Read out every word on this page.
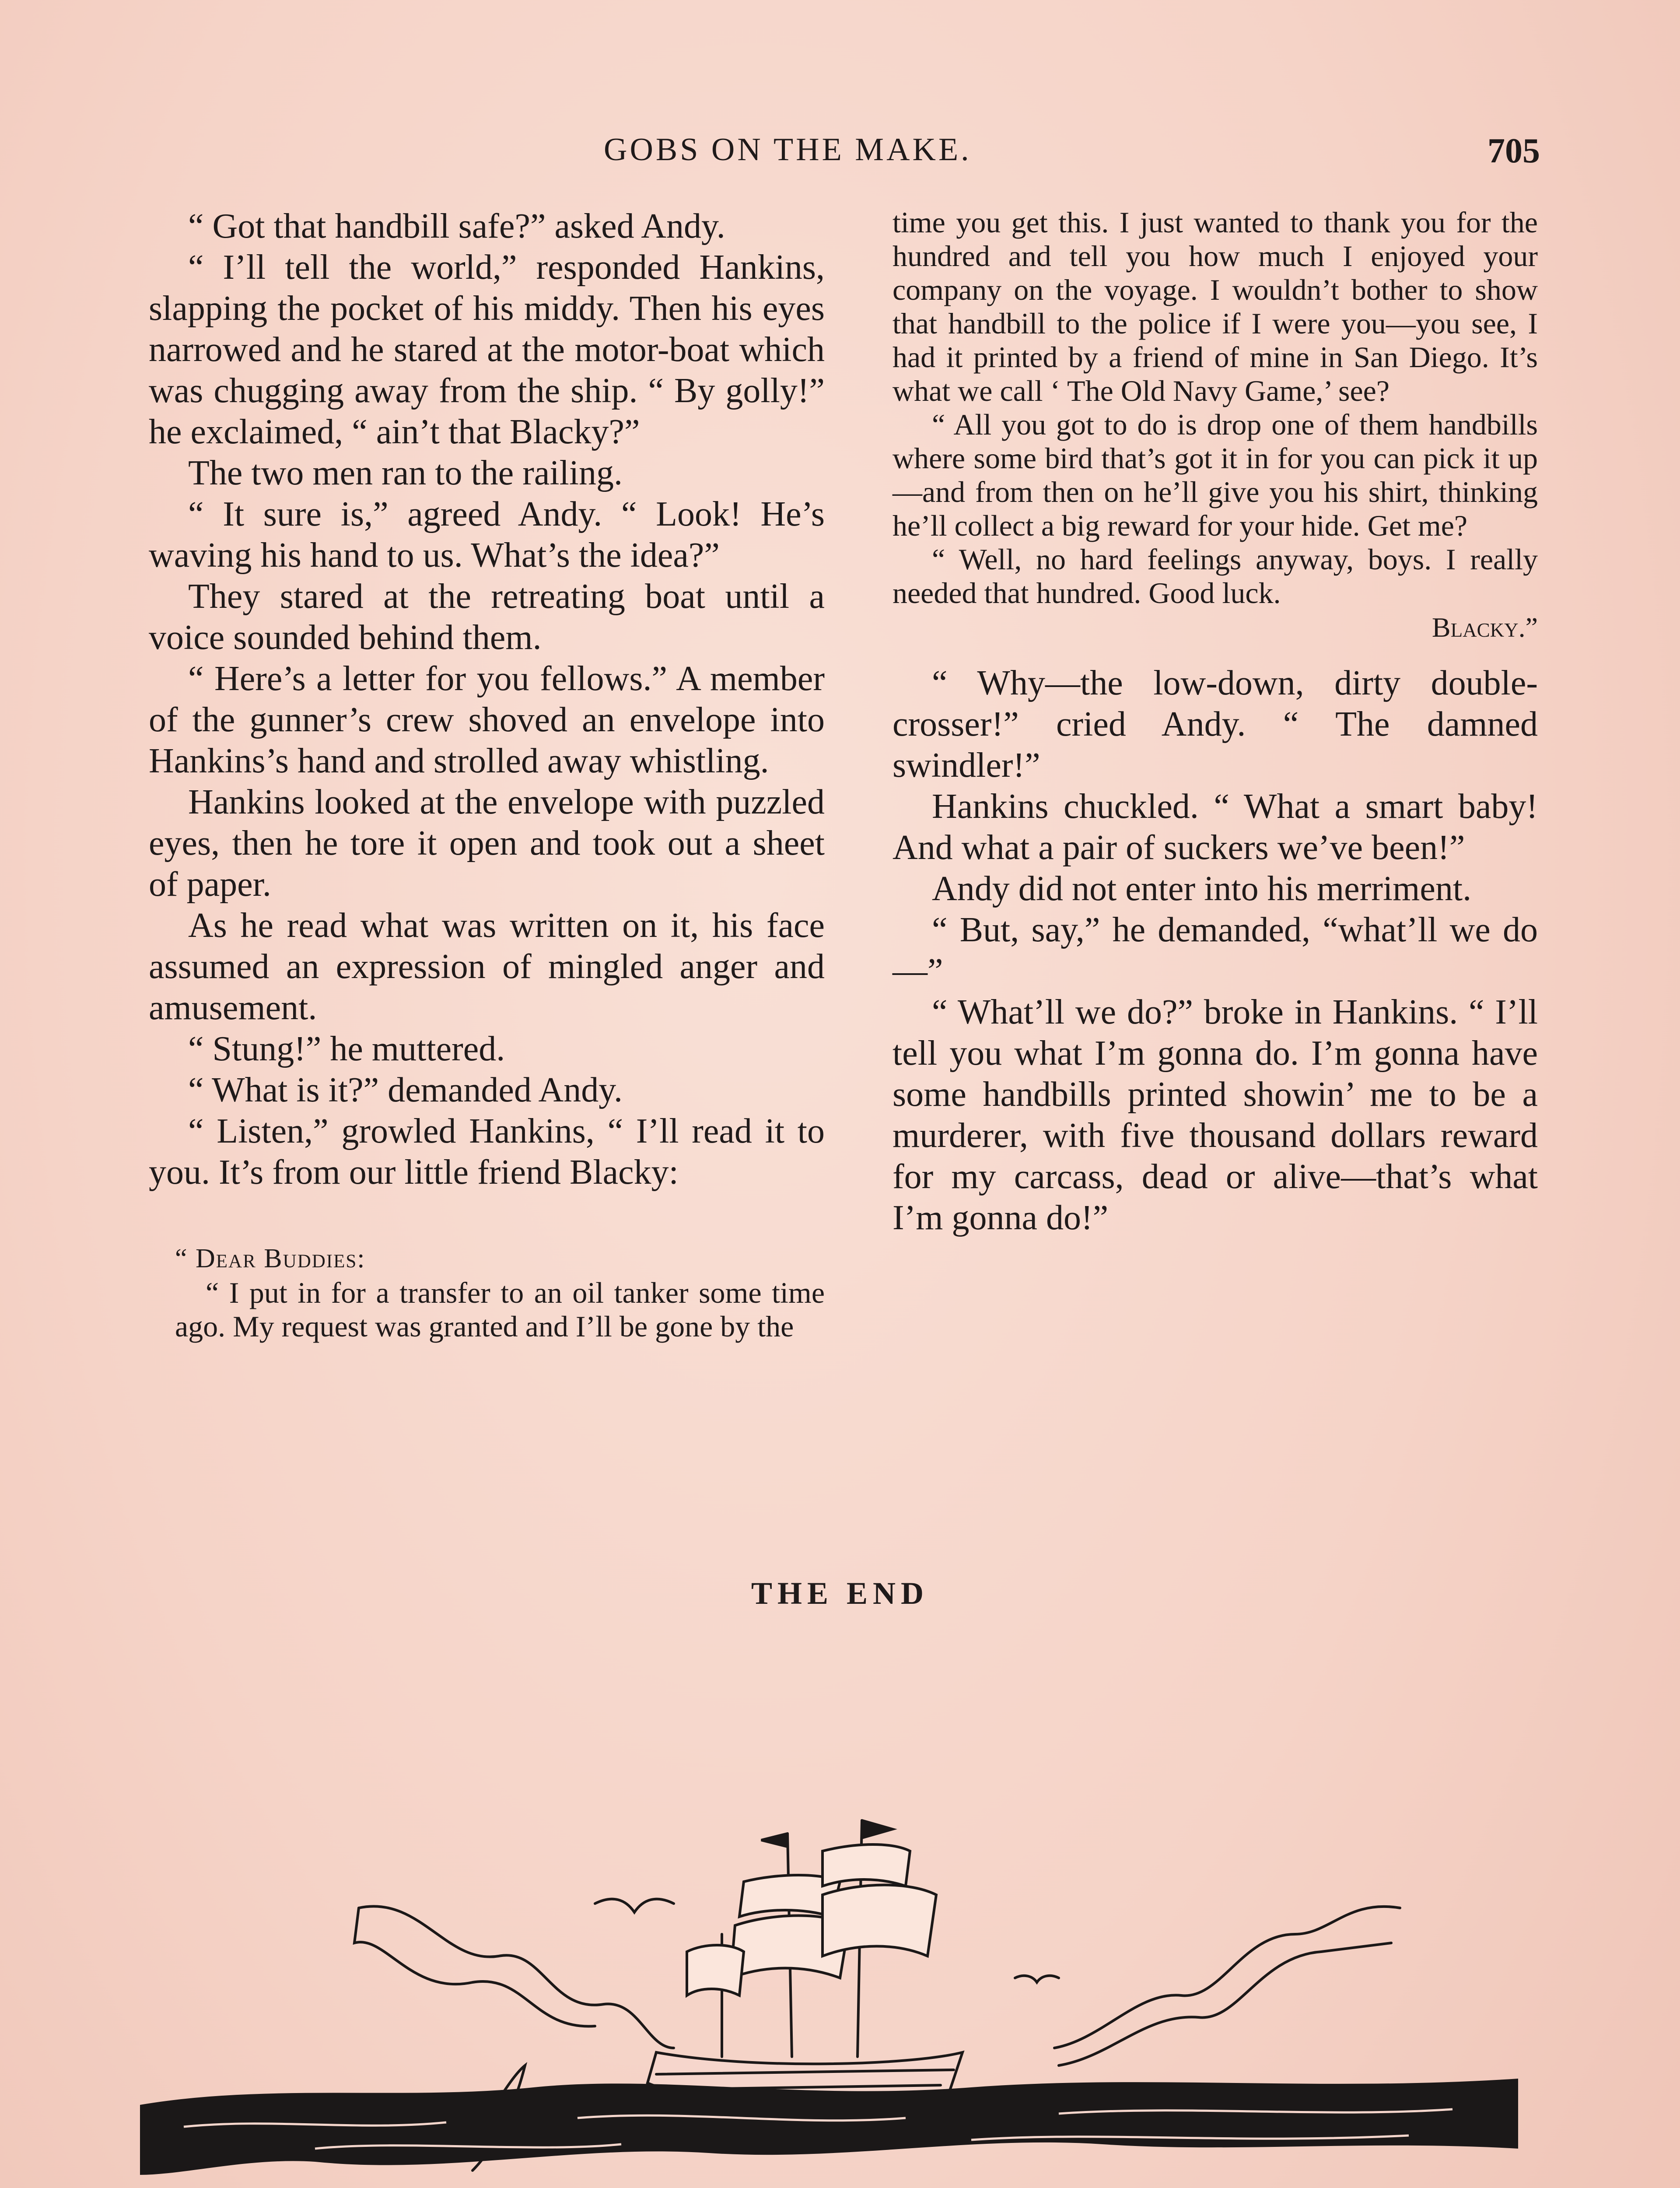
GOBS ON THE MAKE.	705

“ Got that handbill safe?” asked Andy.

“ I’ll tell the world,” responded Hankins, slapping the pocket of his middy. Then his eyes narrowed and he stared at the motor-boat which was chugging away from the ship. “ By golly!” he exclaimed, “ ain’t that Blacky?”

The two men ran to the railing.

“ It sure is,” agreed Andy. “ Look! He’s waving his hand to us. What’s the idea?”

They stared at the retreating boat until a voice sounded behind them.

“ Here’s a letter for you fellows.” A member of the gunner’s crew shoved an envelope into Hankins’s hand and strolled away whistling.

Hankins looked at the envelope with puzzled eyes, then he tore it open and took out a sheet of paper.

As he read what was written on it, his face assumed an expression of mingled anger and amusement.

“ Stung!” he muttered.

“ What is it?” demanded Andy.

“ Listen,” growled Hankins, “ I’ll read it to you. It’s from our little friend Blacky:

“ Dear Buddies:

“ I put in for a transfer to an oil tanker some time ago. My request was granted and I’ll be gone by the

time you get this. I just wanted to thank you for the hundred and tell you how much I enjoyed your company on the voyage. I wouldn’t bother to show that handbill to the police if I were you—you see, I had it printed by a friend of mine in San Diego. It’s what we call ‘ The Old Navy Game,’ see?

“ All you got to do is drop one of them handbills where some bird that’s got it in for you can pick it up—and from then on he’ll give you his shirt, thinking he’ll collect a big reward for your hide. Get me?

“ Well, no hard feelings anyway, boys. I really needed that hundred. Good luck.

Blacky.”

“ Why—the low-down, dirty double-crosser!” cried Andy. “ The damned swindler!”

Hankins chuckled. “ What a smart baby! And what a pair of suckers we’ve been!”

Andy did not enter into his merriment.

“ But, say,” he demanded, “what’ll we do—”

“ What’ll we do?” broke in Hankins. “ I’ll tell you what I’m gonna do. I’m gonna have some handbills printed showin’ me to be a murderer, with five thousand dollars reward for my carcass, dead or alive—that’s what I’m gonna do!”

THE END
